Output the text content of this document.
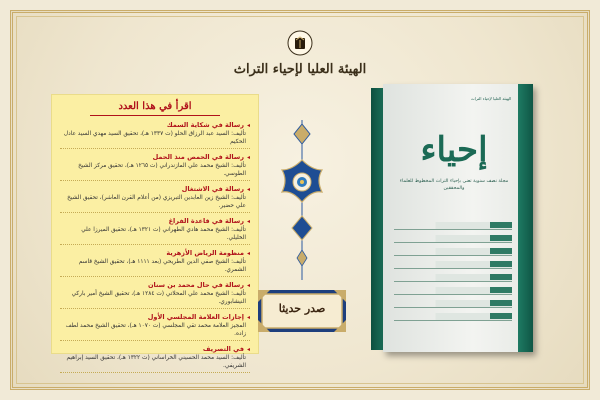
الهيئة العليا لإحياء التراث
اقرأ في هذا العدد
◂
رسالة في شكاية السمك
تأليف: السيد عبد الرزاق الحلو (ت ١٣٣٧ هـ)، تحقيق السيد مهدي السيد عادل الحكيم
◂
رسالة في الحمص منذ الحمل
تأليف: الشيخ محمد علي المازندراني (ت ١٢٦٥ هـ)، تحقيق مركز الشيخ الطوسي.
◂
رسالة في الاشتغال
تأليف: الشيخ زين العابدين التبريزي (من أعلام القرن العاشر)، تحقيق الشيخ علي حضير.
◂
رسالة في قاعدة الفراغ
تأليف: الشيخ محمد هادي الطهراني (ت ١٣٢١ هـ)، تحقيق الميرزا علي الخليلي.
◂
منظومة الرياض الأزهرية
تأليف: الشيخ صفي الدين الطريحي (بعد ١١١١ هـ)، تحقيق الشيخ قاسم الشمري.
◂
رسالة في حال محمد بن سنان
تأليف: الشيخ محمد علي المحلاتي (ت ١٢٨٤ هـ)، تحقيق الشيخ أمير باركي النيشابوري.
◂
إجازات العلامة المجلسي الأول
المجيز العلامة محمد تقي المجلسي (ت ١٠٧٠ هـ)، تحقيق الشيخ محمد لطف زاده.
◂
في التصريف
تأليف: السيد محمد الحسيني الخراساني (ت ١٣٢٢ هـ)، تحقيق السيد إبراهيم الشريفي.
صدر حديثا
الهيئة العليا لإحياء التراث
إحياء
مجلة نصف سنوية تعنى بإحياء التراث المخطوط للعلماء والمحققين
